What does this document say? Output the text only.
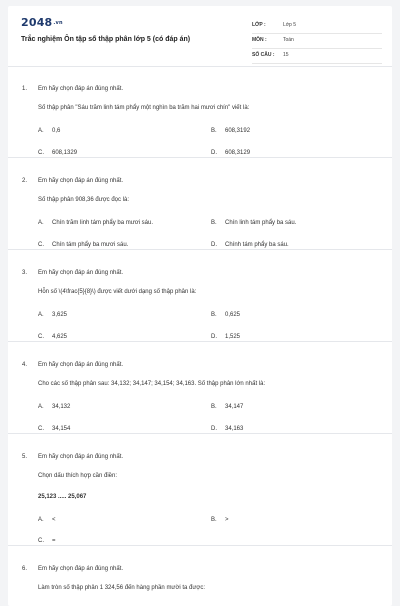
2048.vn
Trắc nghiệm Ôn tập số thập phân lớp 5 (có đáp án)
LỚP :	Lớp 5
MÔN :	Toán
SỐ CÂU : 15
1. Em hãy chọn đáp án đúng nhất.
Số thập phân "Sáu trăm linh tám phẩy một nghìn ba trăm hai mươi chín" viết là:
A. 0,6	B. 608,3192
C. 608,1329	D. 608,3129
2. Em hãy chọn đáp án đúng nhất.
Số thập phân 908,36 được đọc là:
A. Chín trăm linh tám phẩy ba mươi sáu.	B. Chín linh tám phẩy ba sáu.
C. Chín tám phẩy ba mươi sáu.	D. Chính tám phẩy ba sáu.
3. Em hãy chọn đáp án đúng nhất.
Hỗn số \(4\frac{5}{8}\) được viết dưới dạng số thập phân là:
A. 3,625	B. 0,625
C. 4,625	D. 1,525
4. Em hãy chọn đáp án đúng nhất.
Cho các số thập phân sau: 34,132; 34,147; 34,154; 34,163. Số thập phân lớn nhất là:
A. 34,132	B. 34,147
C. 34,154	D. 34,163
5. Em hãy chọn đáp án đúng nhất.
Chọn dấu thích hợp cần điền:
25,123 ..... 25,067
A. <	B. >
C. =
6. Em hãy chọn đáp án đúng nhất.
Làm tròn số thập phân 1 324,56 đến hàng phần mười ta được:
